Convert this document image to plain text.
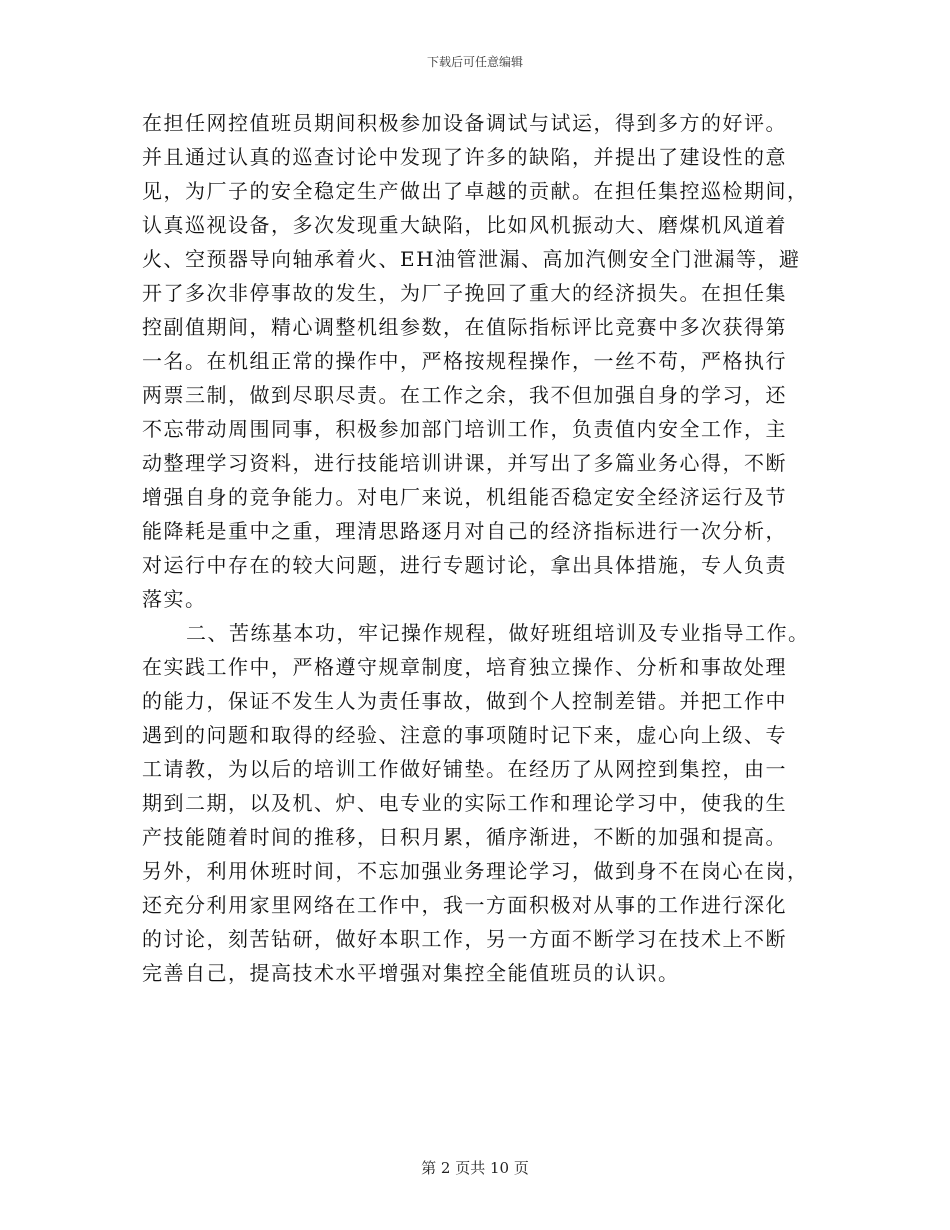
下载后可任意编辑
在担任网控值班员期间积极参加设备调试与试运，得到多方的好评。
并且通过认真的巡查讨论中发现了许多的缺陷，并提出了建设性的意
见，为厂子的安全稳定生产做出了卓越的贡献。在担任集控巡检期间，
认真巡视设备，多次发现重大缺陷，比如风机振动大、磨煤机风道着
火、空预器导向轴承着火、EH油管泄漏、高加汽侧安全门泄漏等，避
开了多次非停事故的发生，为厂子挽回了重大的经济损失。在担任集
控副值期间，精心调整机组参数，在值际指标评比竞赛中多次获得第
一名。在机组正常的操作中，严格按规程操作，一丝不苟，严格执行
两票三制，做到尽职尽责。在工作之余，我不但加强自身的学习，还
不忘带动周围同事，积极参加部门培训工作，负责值内安全工作，主
动整理学习资料，进行技能培训讲课，并写出了多篇业务心得，不断
增强自身的竞争能力。对电厂来说，机组能否稳定安全经济运行及节
能降耗是重中之重，理清思路逐月对自己的经济指标进行一次分析，
对运行中存在的较大问题，进行专题讨论，拿出具体措施，专人负责
落实。
二、苦练基本功，牢记操作规程，做好班组培训及专业指导工作。
在实践工作中，严格遵守规章制度，培育独立操作、分析和事故处理
的能力，保证不发生人为责任事故，做到个人控制差错。并把工作中
遇到的问题和取得的经验、注意的事项随时记下来，虚心向上级、专
工请教，为以后的培训工作做好铺垫。在经历了从网控到集控，由一
期到二期，以及机、炉、电专业的实际工作和理论学习中，使我的生
产技能随着时间的推移，日积月累，循序渐进，不断的加强和提高。
另外，利用休班时间，不忘加强业务理论学习，做到身不在岗心在岗，
还充分利用家里网络在工作中，我一方面积极对从事的工作进行深化
的讨论，刻苦钻研，做好本职工作，另一方面不断学习在技术上不断
完善自己，提高技术水平增强对集控全能值班员的认识。
第 2 页共 10 页
